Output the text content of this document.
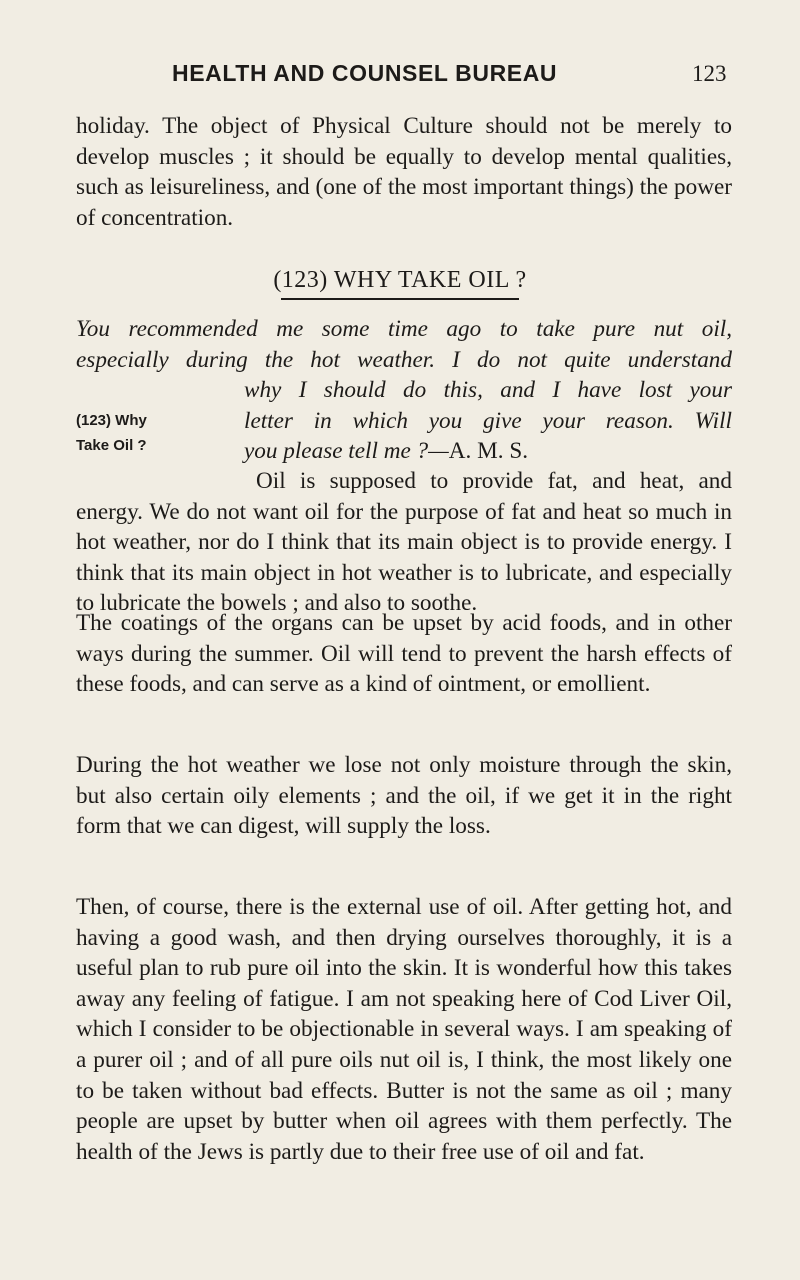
HEALTH AND COUNSEL BUREAU	123

holiday. The object of Physical Culture should not be merely to develop muscles ; it should be equally to develop mental qualities, such as leisureliness, and (one of the most important things) the power of concentration.

(123) WHY TAKE OIL ?
You recommended me some time ago to take pure nut oil,
especially during the hot weather. I do not quite understand
why I should do this, and I have lost your
letter in which you give your reason. Will
you please tell me ?—A. M. S.
(123) Why
Take Oil ?

Oil is supposed to provide fat, and heat, and energy. We do not want oil for the purpose of fat and heat so much in hot weather, nor do I think that its main object is to provide energy. I think that its main object in hot weather is to lubricate, and especially to lubricate the bowels ; and also to soothe.

The coatings of the organs can be upset by acid foods, and in other ways during the summer. Oil will tend to prevent the harsh effects of these foods, and can serve as a kind of ointment, or emollient.

During the hot weather we lose not only moisture through the skin, but also certain oily elements ; and the oil, if we get it in the right form that we can digest, will supply the loss.

Then, of course, there is the external use of oil. After getting hot, and having a good wash, and then drying ourselves thoroughly, it is a useful plan to rub pure oil into the skin. It is wonderful how this takes away any feeling of fatigue. I am not speaking here of Cod Liver Oil, which I consider to be objectionable in several ways. I am speaking of a purer oil ; and of all pure oils nut oil is, I think, the most likely one to be taken without bad effects. Butter is not the same as oil ; many people are upset by butter when oil agrees with them perfectly. The health of the Jews is partly due to their free use of oil and fat.
